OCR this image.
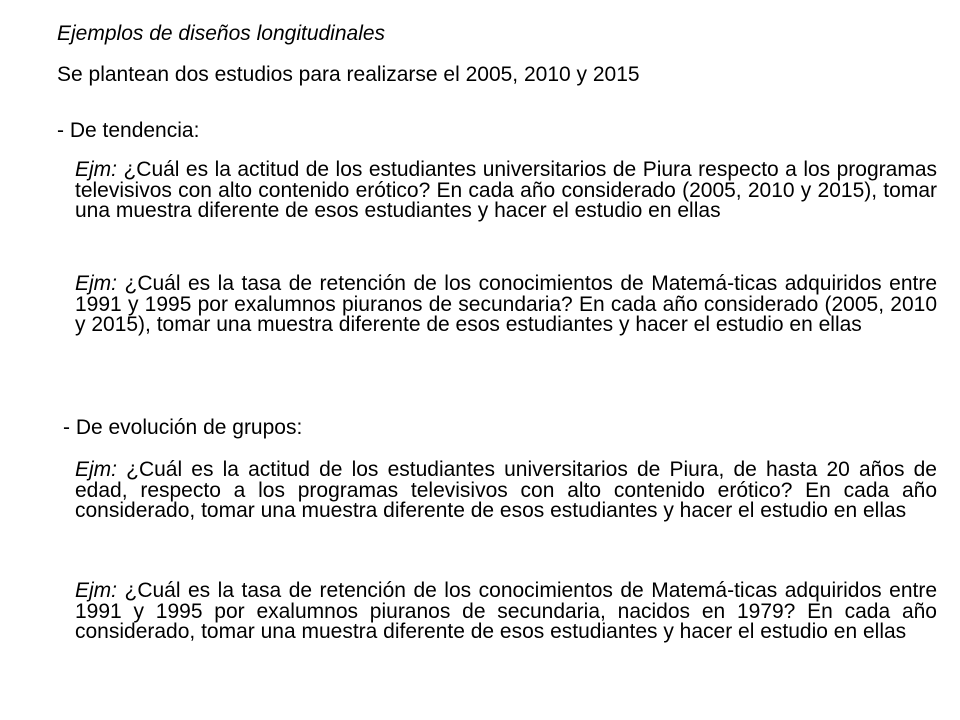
Ejemplos de diseños longitudinales
Se plantean dos estudios para realizarse el 2005, 2010 y 2015
- De tendencia:
Ejm: ¿Cuál es la actitud de los estudiantes universitarios de Piura respecto a los programas televisivos con alto contenido erótico? En cada año considerado (2005, 2010 y 2015), tomar una muestra diferente de esos estudiantes y hacer el estudio en ellas
Ejm: ¿Cuál es la tasa de retención de los conocimientos de Matemá-ticas adquiridos entre 1991 y 1995 por exalumnos piuranos de secundaria? En cada año considerado (2005, 2010 y 2015), tomar una muestra diferente de esos estudiantes y hacer el estudio en ellas
- De evolución de grupos:
Ejm: ¿Cuál es la actitud de los estudiantes universitarios de Piura, de hasta 20 años de edad, respecto a los programas televisivos con alto contenido erótico? En cada año considerado, tomar una muestra diferente de esos estudiantes y hacer el estudio en ellas
Ejm: ¿Cuál es la tasa de retención de los conocimientos de Matemá-ticas adquiridos entre 1991 y 1995 por exalumnos piuranos de secundaria, nacidos en 1979? En cada año considerado, tomar una muestra diferente de esos estudiantes y hacer el estudio en ellas
